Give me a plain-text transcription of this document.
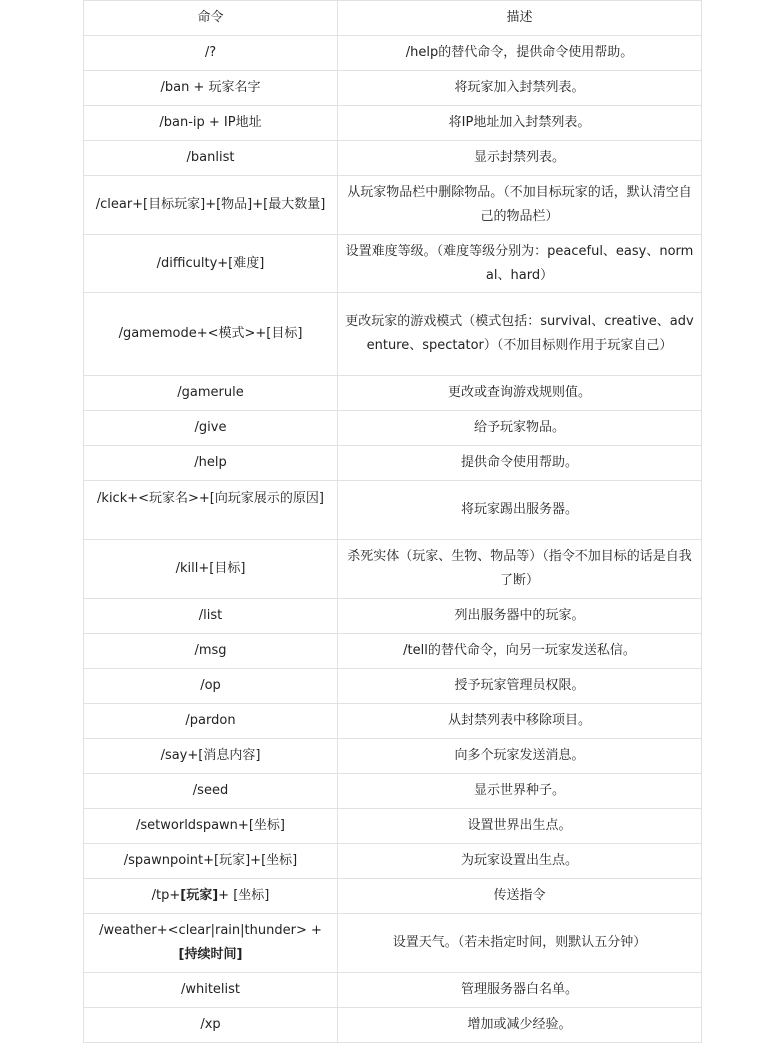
命令	描述
/?	/help的替代命令，提供命令使用帮助。
/ban + 玩家名字	将玩家加入封禁列表。
/ban-ip + IP地址	将IP地址加入封禁列表。
/banlist	显示封禁列表。
/clear+[目标玩家]+[物品]+[最大数量]	从玩家物品栏中删除物品。（不加目标玩家的话，默认清空自己的物品栏）
/difficulty+[难度]	设置难度等级。（难度等级分别为：peaceful、easy、normal、hard）
/gamemode+<模式>+[目标]	更改玩家的游戏模式（模式包括：survival、creative、adventure、spectator）（不加目标则作用于玩家自己）
/gamerule	更改或查询游戏规则值。
/give	给予玩家物品。
/help	提供命令使用帮助。
/kick+<玩家名>+[向玩家展示的原因]	将玩家踢出服务器。
/kill+[目标]	杀死实体（玩家、生物、物品等）（指令不加目标的话是自我了断）
/list	列出服务器中的玩家。
/msg	/tell的替代命令，向另一玩家发送私信。
/op	授予玩家管理员权限。
/pardon	从封禁列表中移除项目。
/say+[消息内容]	向多个玩家发送消息。
/seed	显示世界种子。
/setworldspawn+[坐标]	设置世界出生点。
/spawnpoint+[玩家]+[坐标]	为玩家设置出生点。
/tp+[玩家]+ [坐标]	传送指令
/weather+<clear|rain|thunder> +
[持续时间]	设置天气。（若未指定时间，则默认五分钟）
/whitelist	管理服务器白名单。
/xp	增加或减少经验。
